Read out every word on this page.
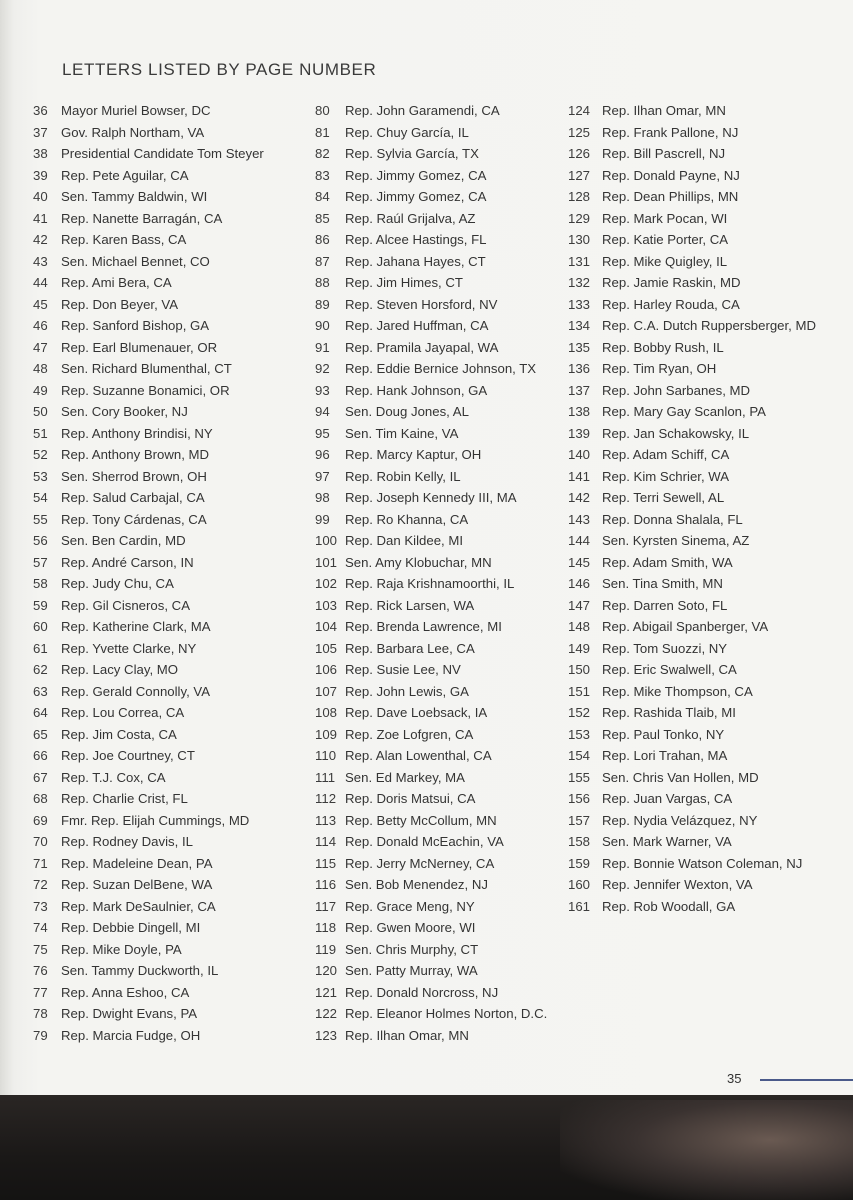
LETTERS LISTED BY PAGE NUMBER
36	Mayor Muriel Bowser, DC
37	Gov. Ralph Northam, VA
38	Presidential Candidate Tom Steyer
39	Rep. Pete Aguilar, CA
40	Sen. Tammy Baldwin, WI
41	Rep. Nanette Barragán, CA
42	Rep. Karen Bass, CA
43	Sen. Michael Bennet, CO
44	Rep. Ami Bera, CA
45	Rep. Don Beyer, VA
46	Rep. Sanford Bishop, GA
47	Rep. Earl Blumenauer, OR
48	Sen. Richard Blumenthal, CT
49	Rep. Suzanne Bonamici, OR
50	Sen. Cory Booker, NJ
51	Rep. Anthony Brindisi, NY
52	Rep. Anthony Brown, MD
53	Sen. Sherrod Brown, OH
54	Rep. Salud Carbajal, CA
55	Rep. Tony Cárdenas, CA
56	Sen. Ben Cardin, MD
57	Rep. André Carson, IN
58	Rep. Judy Chu, CA
59	Rep. Gil Cisneros, CA
60	Rep. Katherine Clark, MA
61	Rep. Yvette Clarke, NY
62	Rep. Lacy Clay, MO
63	Rep. Gerald Connolly, VA
64	Rep. Lou Correa, CA
65	Rep. Jim Costa, CA
66	Rep. Joe Courtney, CT
67	Rep. T.J. Cox, CA
68	Rep. Charlie Crist, FL
69	Fmr. Rep. Elijah Cummings, MD
70	Rep. Rodney Davis, IL
71	Rep. Madeleine Dean, PA
72	Rep. Suzan DelBene, WA
73	Rep. Mark DeSaulnier, CA
74	Rep. Debbie Dingell, MI
75	Rep. Mike Doyle, PA
76	Sen. Tammy Duckworth, IL
77	Rep. Anna Eshoo, CA
78	Rep. Dwight Evans, PA
79	Rep. Marcia Fudge, OH
80	Rep. John Garamendi, CA
81	Rep. Chuy García, IL
82	Rep. Sylvia García, TX
83	Rep. Jimmy Gomez, CA
84	Rep. Jimmy Gomez, CA
85	Rep. Raúl Grijalva, AZ
86	Rep. Alcee Hastings, FL
87	Rep. Jahana Hayes, CT
88	Rep. Jim Himes, CT
89	Rep. Steven Horsford, NV
90	Rep. Jared Huffman, CA
91	Rep. Pramila Jayapal, WA
92	Rep. Eddie Bernice Johnson, TX
93	Rep. Hank Johnson, GA
94	Sen. Doug Jones, AL
95	Sen. Tim Kaine, VA
96	Rep. Marcy Kaptur, OH
97	Rep. Robin Kelly, IL
98	Rep. Joseph Kennedy III, MA
99	Rep. Ro Khanna, CA
100 Rep. Dan Kildee, MI
101 Sen. Amy Klobuchar, MN
102 Rep. Raja Krishnamoorthi, IL
103 Rep. Rick Larsen, WA
104 Rep. Brenda Lawrence, MI
105 Rep. Barbara Lee, CA
106 Rep. Susie Lee, NV
107 Rep. John Lewis, GA
108 Rep. Dave Loebsack, IA
109 Rep. Zoe Lofgren, CA
110 Rep. Alan Lowenthal, CA
111 Sen. Ed Markey, MA
112 Rep. Doris Matsui, CA
113 Rep. Betty McCollum, MN
114 Rep. Donald McEachin, VA
115 Rep. Jerry McNerney, CA
116 Sen. Bob Menendez, NJ
117 Rep. Grace Meng, NY
118 Rep. Gwen Moore, WI
119 Sen. Chris Murphy, CT
120 Sen. Patty Murray, WA
121 Rep. Donald Norcross, NJ
122 Rep. Eleanor Holmes Norton, D.C.
123 Rep. Ilhan Omar, MN
124 Rep. Ilhan Omar, MN
125 Rep. Frank Pallone, NJ
126 Rep. Bill Pascrell, NJ
127 Rep. Donald Payne, NJ
128 Rep. Dean Phillips, MN
129 Rep. Mark Pocan, WI
130 Rep. Katie Porter, CA
131 Rep. Mike Quigley, IL
132 Rep. Jamie Raskin, MD
133 Rep. Harley Rouda, CA
134 Rep. C.A. Dutch Ruppersberger, MD
135 Rep. Bobby Rush, IL
136 Rep. Tim Ryan, OH
137 Rep. John Sarbanes, MD
138 Rep. Mary Gay Scanlon, PA
139 Rep. Jan Schakowsky, IL
140 Rep. Adam Schiff, CA
141 Rep. Kim Schrier, WA
142 Rep. Terri Sewell, AL
143 Rep. Donna Shalala, FL
144 Sen. Kyrsten Sinema, AZ
145 Rep. Adam Smith, WA
146 Sen. Tina Smith, MN
147 Rep. Darren Soto, FL
148 Rep. Abigail Spanberger, VA
149 Rep. Tom Suozzi, NY
150 Rep. Eric Swalwell, CA
151 Rep. Mike Thompson, CA
152 Rep. Rashida Tlaib, MI
153 Rep. Paul Tonko, NY
154 Rep. Lori Trahan, MA
155 Sen. Chris Van Hollen, MD
156 Rep. Juan Vargas, CA
157 Rep. Nydia Velázquez, NY
158 Sen. Mark Warner, VA
159 Rep. Bonnie Watson Coleman, NJ
160 Rep. Jennifer Wexton, VA
161 Rep. Rob Woodall, GA
35
